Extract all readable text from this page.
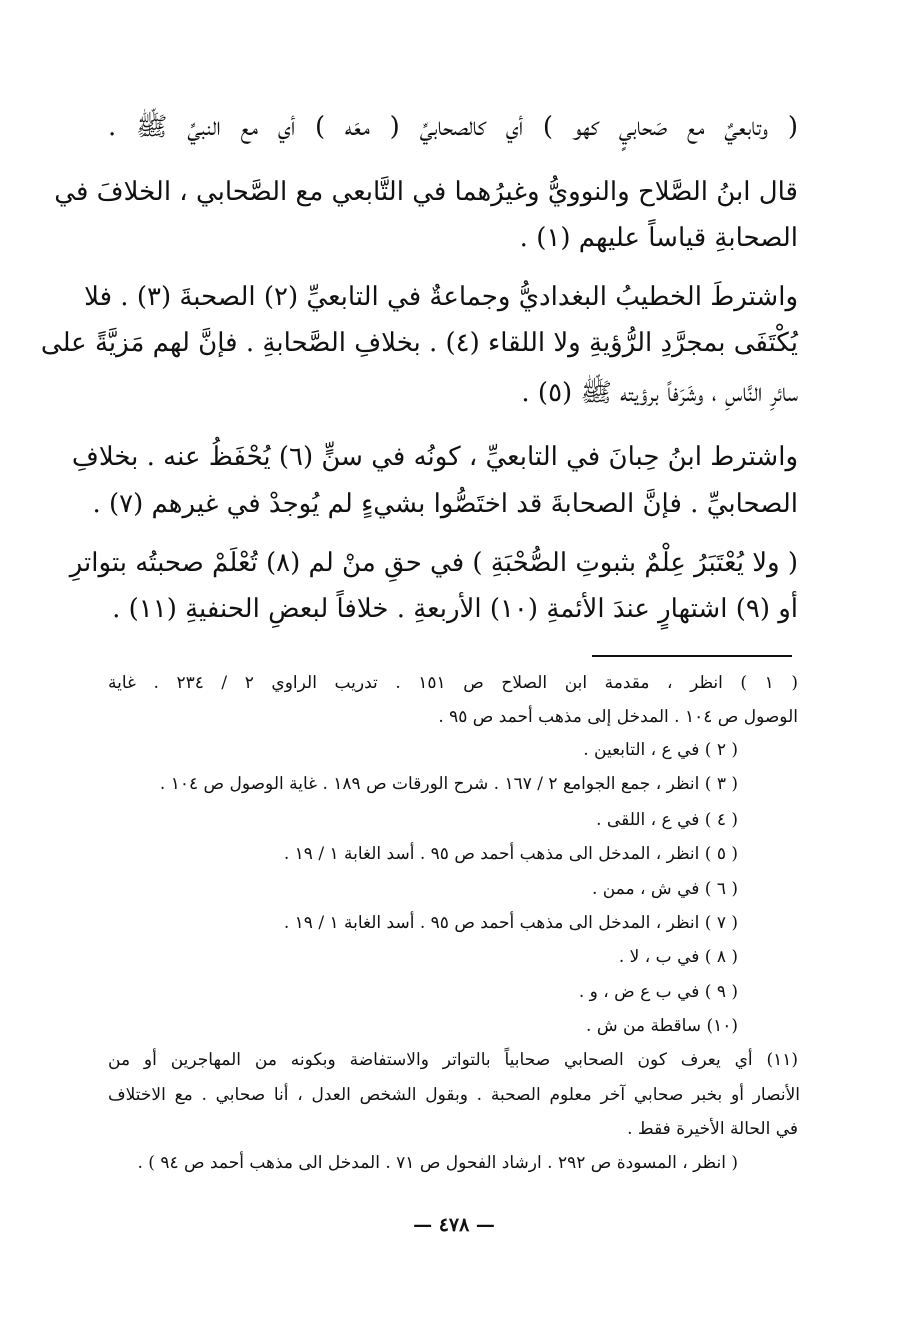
( وتابعيٌ مع صَحابيٍ كهو ) أي كالصحابيِّ ( معَه ) أي مع النبيِّ ﷺ .
قال ابنُ الصَّلاح والنوويُّ وغيرُهما في التَّابعي مع الصَّحابي ، الخلافَ في
الصحابةِ قياساً عليهم (١) .
واشترطَ الخطيبُ البغداديُّ وجماعةٌ في التابعيِّ (٢) الصحبةَ (٣) . فلا
يُكْتَفَى بمجرَّدِ الرُّؤيةِ ولا اللقاء (٤) . بخلافِ الصَّحابةِ . فإنَّ لهم مَزيَّةً على
سائرِ النَّاسِ ، وشَرَفاً برؤيته ﷺ (٥) .
واشترط ابنُ حِبانَ في التابعيِّ ، كونُه في سنٍّ (٦) يُحْفَظُ عنه . بخلافِ
الصحابيِّ . فإنَّ الصحابةَ قد اختَصُّوا بشيءٍ لم يُوجدْ في غيرهم (٧) .
( ولا يُعْتَبَرُ عِلْمٌ بثبوتِ الصُّحْبَةِ ) في حقِ منْ لم (٨) تُعْلَمْ صحبتُه بتواترِ
أو (٩) اشتهارٍ عندَ الأئمةِ (١٠) الأربعةِ . خلافاً لبعضِ الحنفيةِ (١١) .
( ١ ) انظر ، مقدمة ابن الصلاح ص ١٥١ . تدريب الراوي ٢ / ٢٣٤ . غاية
الوصول ص ١٠٤ . المدخل إلى مذهب أحمد ص ٩٥ .
( ٢ ) في ع ، التابعين .
( ٣ ) انظر ، جمع الجوامع ٢ / ١٦٧ . شرح الورقات ص ١٨٩ . غاية الوصول ص ١٠٤ .
( ٤ ) في ع ، اللقى .
( ٥ ) انظر ، المدخل الى مذهب أحمد ص ٩٥ . أسد الغابة ١ / ١٩ .
( ٦ ) في ش ، ممن .
( ٧ ) انظر ، المدخل الى مذهب أحمد ص ٩٥ . أسد الغابة ١ / ١٩ .
( ٨ ) في ب ، لا .
( ٩ ) في ب ع ض ، و .
(١٠) ساقطة من ش .
(١١) أي يعرف كون الصحابي صحابياً بالتواتر والاستفاضة وبكونه من المهاجرين أو من
الأنصار أو بخبر صحابي آخر معلوم الصحبة . وبقول الشخص العدل ، أنا صحابي . مع الاختلاف
في الحالة الأخيرة فقط .
( انظر ، المسودة ص ٢٩٢ . ارشاد الفحول ص ٧١ . المدخل الى مذهب أحمد ص ٩٤ ) .
— ٤٧٨ —
